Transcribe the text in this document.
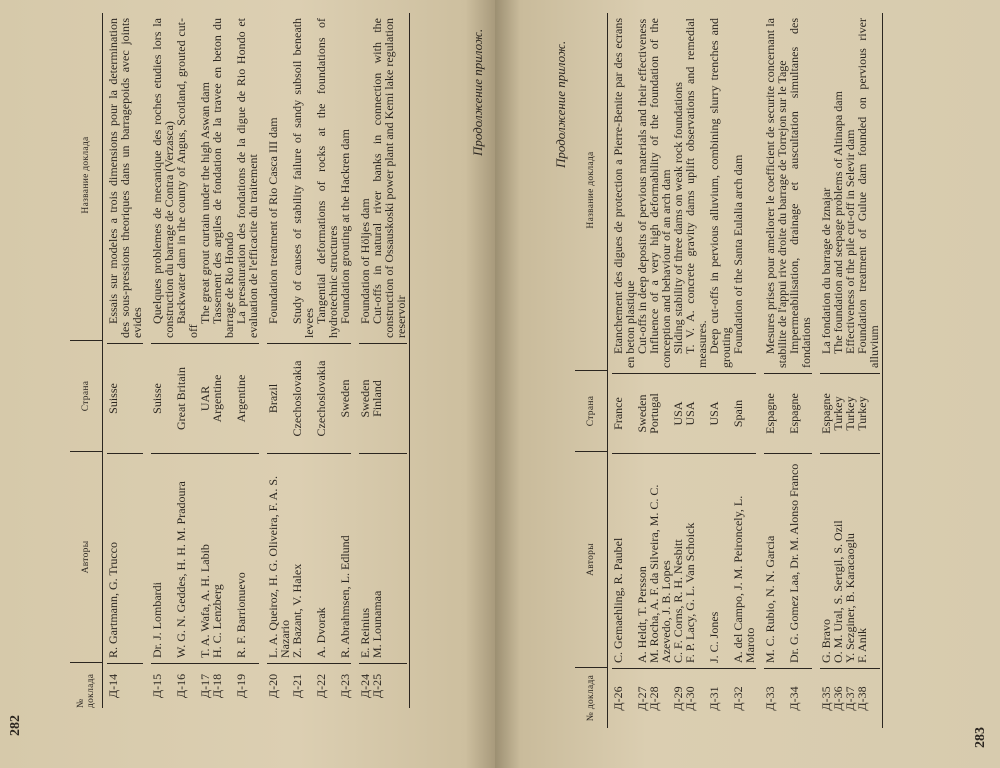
282
Продолжение прилож.
№ доклада
Авторы
Страна
Название доклада
Д-14
R. Gartmann, G. Trucco
Suisse
Essais sur modeles a trois dimensions pour la determination des sous-pressions theoriques dans un barragepoids avec joints evides
Д-15
Dr. J. Lombardi
Suisse
Quelques problemes de mecanique des roches etudies lors la construction du barrage de Contra (Verzasca)
Д-16
W. G. N. Geddes, H. H. M. Pradoura
Great Britain
Backwater dam in the county of Angus, Scotland, grouted cut-off
Д-17
T. A. Wafa, A. H. Labib
UAR
The great grout curtain under the high Aswan dam
Д-18
H. C. Lenzberg
Argentine
Tassement des argiles de fondation de la travee en beton du barrage de Rio Hondo
Д-19
R. F. Barrionuevo
Argentine
La presaturation des fondations de la digue de Rio Hondo et evaluation de l'efficacite du traitement
Д-20
L. A. Queiroz, H. G. Oliveira, F. A. S. Nazario
Brazil
Foundation treatment of Rio Casca III dam
Д-21
Z. Bazant, V. Halex
Czechoslovakia
Study of causes of stability failure of sandy subsoil beneath levees
Д-22
A. Dvorak
Czechoslovakia
Tangential deformations of rocks at the foundations of hydrotechnic structures
Д-23
R. Abrahmsen, L. Edlund
Sweden
Foundation grouting at the Hackren dam
Д-24
E. Reinius
Sweden
Foundation of Höljes dam
Д-25
M. Lounamaa
Finland
Cut-offs in natural river banks in connection with the construction of Ossauskoski power plant and Kemi lake regulation reservoir
283
Продолжение прилож.
№ доклада
Авторы
Страна
Название доклада
Д-26
C. Gemaehling, R. Paubel
France
Etanchement des digues de protection a Pierre-Benite par des ecrans en beton plastique
Д-27
A. Heldt, T. Persson
Sweden
Cut-offs in deep deposits of pervious materials and their effectiveness
Д-28
M. Rocha, A. F. da Silveira, M. C. C. Azevedo, J. B. Lopes
Portugal
Influence of a very high deformability of the foundation of the conception and behaviour of an arch dam
Д-29
C. F. Corns, R. H. Nesbitt
USA
Sliding stability of three dams on weak rock foundations
Д-30
F. P. Lacy, G. L. Van Schoick
USA
T. V. A. concrete gravity dams uplift observations and remedial measures.
Д-31
J. C. Jones
USA
Deep cut-offs in pervious alluvium, combining slurry trenches and grouting
Д-32
A. del Campo, J. M. Peironcely, L. Maroto
Spain
Foundation of the Santa Eulalia arch dam
Д-33
M. C. Rubio, N. N. Garcia
Espagne
Mesures prises pour ameliorer le coefficient de securite concernant la stabilite de l'appui rive droite du barrage de Torrejon sur le Tage
Д-34
Dr. G. Gomez Laa, Dr. M. Alonso Franco
Espagne
Impermeabilisation, drainage et auscultation simultanes des fondations
Д-35
G. Bravo
Espagne
La fondation du barrage de Iznajar
Д-36
O. M. Ural, S. Sertgil, S. Ozil
Turkey
The foundation and seepage problems of Altinapa dam
Д-37
Y. Sezginer, B. Karacaoglu
Turkey
Effectiveness of the pile cut-off in Selevir dam
Д-38
F. Anik
Turkey
Foundation treatment of Gulue dam founded on pervious river alluvium
